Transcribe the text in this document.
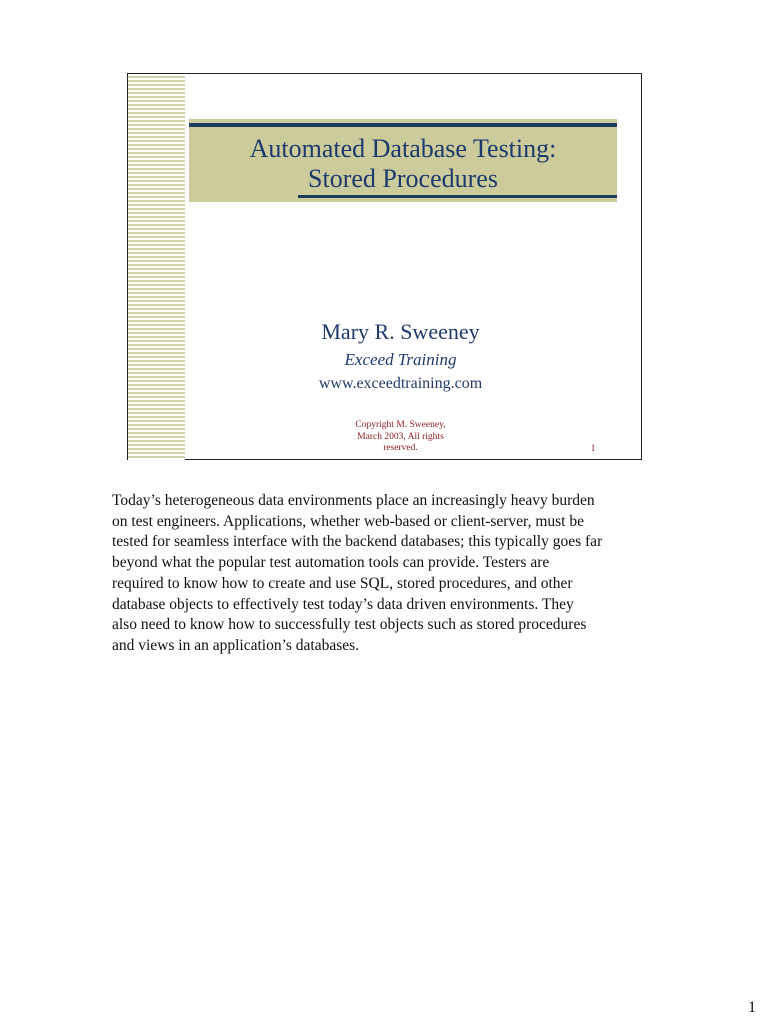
Automated Database Testing:
Stored Procedures
Mary R. Sweeney
Exceed Training
www.exceedtraining.com
Copyright M. Sweeney,
March 2003, All rights
reserved.	1
Today’s heterogeneous data environments place an increasingly heavy burden
on test engineers. Applications, whether web-based or client-server, must be
tested for seamless interface with the backend databases; this typically goes far
beyond what the popular test automation tools can provide. Testers are
required to know how to create and use SQL, stored procedures, and other
database objects to effectively test today’s data driven environments. They
also need to know how to successfully test objects such as stored procedures
and views in an application’s databases.
1
